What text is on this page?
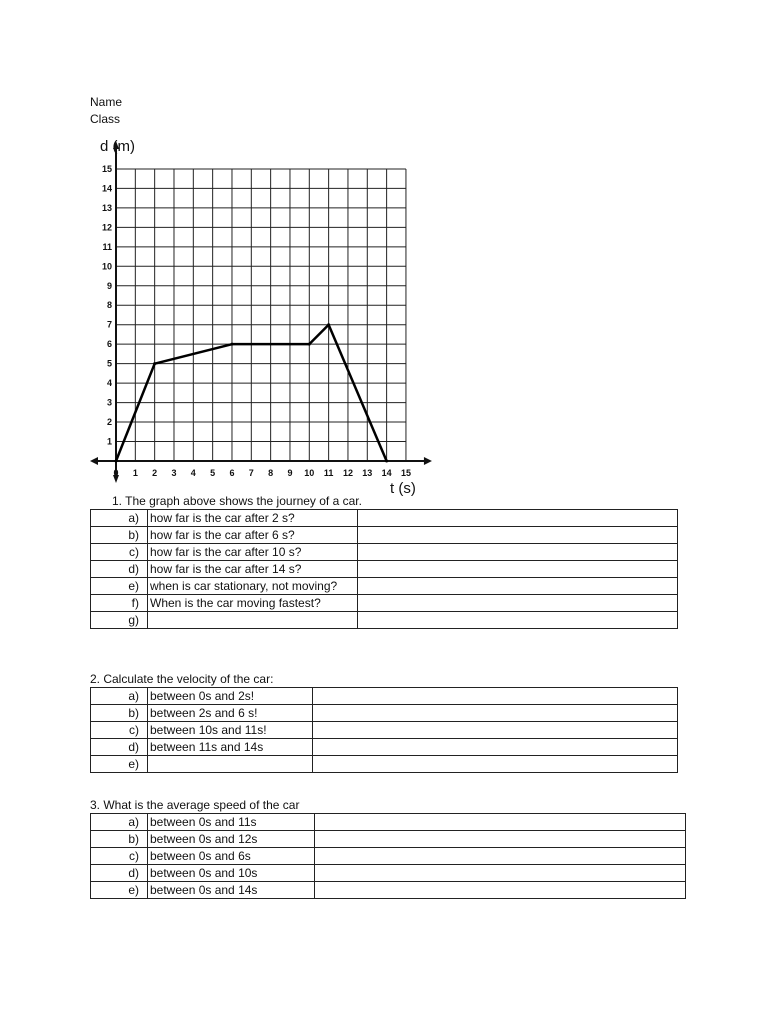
Name
Class
0 1 2 3 4 5 6 7 8 9 10 11 12 13 14 15
1
2
3
4
5
6
7
8
9
10
11
12
13
14
15
d (m)
t (s)
1. The graph above shows the journey of a car.
a)	how far is the car after 2 s?	
b)	how far is the car after 6 s?	
c)	how far is the car after 10 s?	
d)	how far is the car after 14 s?	
e)	when is car stationary, not moving?	
f)	When is the car moving fastest?	
g)		
2. Calculate the velocity of the car:
a)	between 0s and 2s!	
b)	between 2s and 6 s!	
c)	between 10s and 11s!	
d)	between 11s and 14s	
e)		
3. What is the average speed of the car
a)	between 0s and 11s	
b)	between 0s and 12s	
c)	between 0s and 6s	
d)	between 0s and 10s	
e)	between 0s and 14s	
